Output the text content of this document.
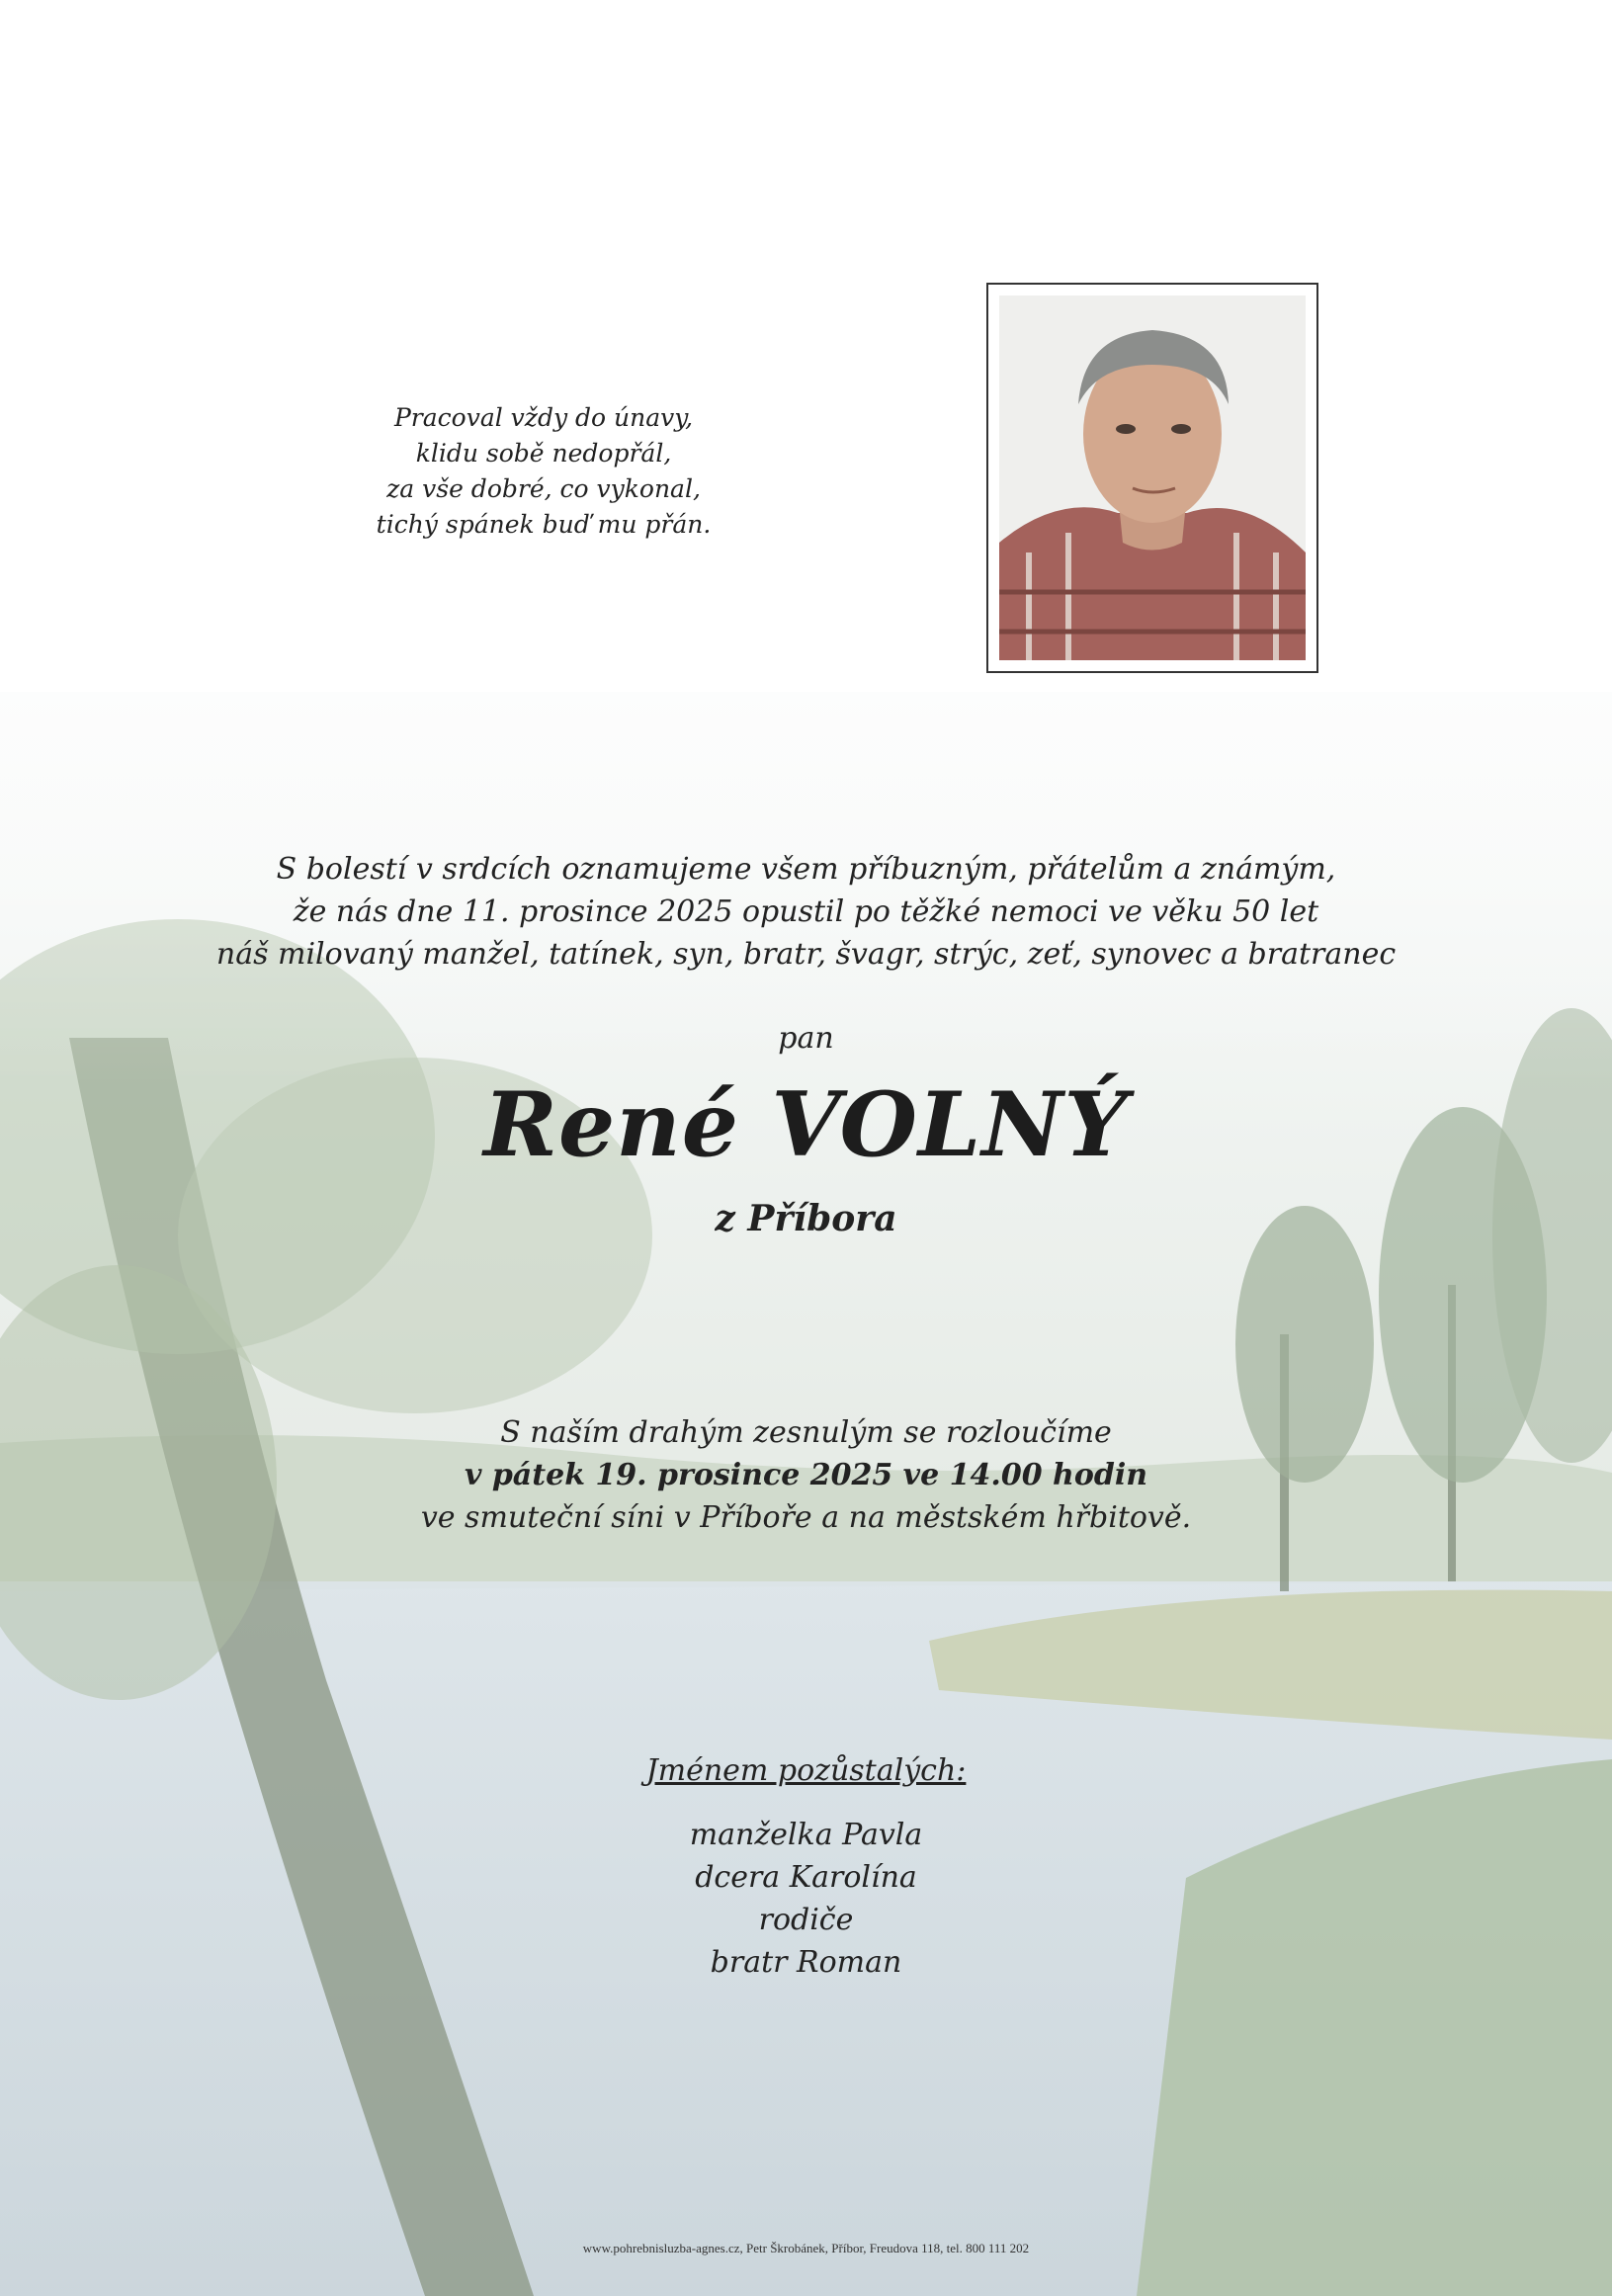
Pracoval vždy do únavy,
klidu sobě nedopřál,
za vše dobré, co vykonal,
tichý spánek buď mu přán.
S bolestí v srdcích oznamujeme všem příbuzným, přátelům a známým,
že nás dne 11. prosince 2025 opustil po těžké nemoci ve věku 50 let
náš milovaný manžel, tatínek, syn, bratr, švagr, strýc, zeť, synovec a bratranec
pan
René VOLNÝ
z Příbora
S naším drahým zesnulým se rozloučíme
v pátek 19. prosince 2025 ve 14.00 hodin
ve smuteční síni v Příboře a na městském hřbitově.
Jménem pozůstalých:
manželka Pavla
dcera Karolína
rodiče
bratr Roman
www.pohrebnisluzba-agnes.cz, Petr Škrobánek, Příbor, Freudova 118, tel. 800 111 202
